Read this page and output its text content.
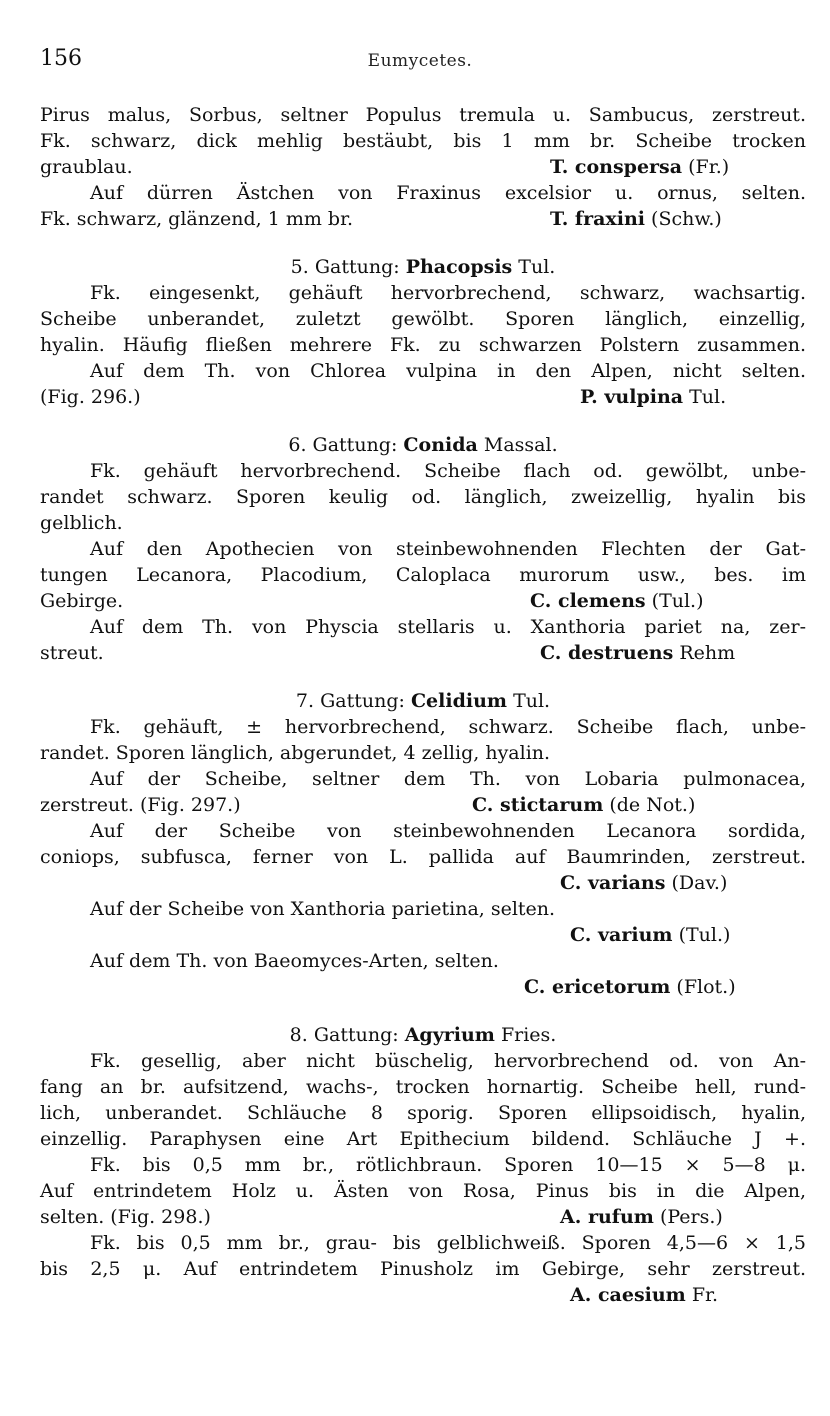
156	Eumycetes.
Pirus malus, Sorbus, seltner Populus tremula u. Sambucus, zerstreut.
Fk. schwarz, dick mehlig bestäubt, bis 1 mm br. Scheibe trocken
graublau.	T. conspersa (Fr.)
Auf dürren Ästchen von Fraxinus excelsior u. ornus, selten.
Fk. schwarz, glänzend, 1 mm br.	T. fraxini (Schw.)
5. Gattung: Phacopsis Tul.
Fk. eingesenkt, gehäuft hervorbrechend, schwarz, wachsartig.
Scheibe unberandet, zuletzt gewölbt. Sporen länglich, einzellig,
hyalin. Häufig fließen mehrere Fk. zu schwarzen Polstern zusammen.
Auf dem Th. von Chlorea vulpina in den Alpen, nicht selten.
(Fig. 296.)	P. vulpina Tul.
6. Gattung: Conida Massal.
Fk. gehäuft hervorbrechend. Scheibe flach od. gewölbt, unbe-
randet schwarz. Sporen keulig od. länglich, zweizellig, hyalin bis
gelblich.
Auf den Apothecien von steinbewohnenden Flechten der Gat-
tungen Lecanora, Placodium, Caloplaca murorum usw., bes. im
Gebirge.	C. clemens (Tul.)
Auf dem Th. von Physcia stellaris u. Xanthoria pariet na, zer-
streut.	C. destruens Rehm
7. Gattung: Celidium Tul.
Fk. gehäuft, ± hervorbrechend, schwarz. Scheibe flach, unbe-
randet. Sporen länglich, abgerundet, 4 zellig, hyalin.
Auf der Scheibe, seltner dem Th. von Lobaria pulmonacea,
zerstreut. (Fig. 297.)	C. stictarum (de Not.)
Auf der Scheibe von steinbewohnenden Lecanora sordida,
coniops, subfusca, ferner von L. pallida auf Baumrinden, zerstreut.
C. varians (Dav.)
Auf der Scheibe von Xanthoria parietina, selten.
C. varium (Tul.)
Auf dem Th. von Baeomyces-Arten, selten.
C. ericetorum (Flot.)
8. Gattung: Agyrium Fries.
Fk. gesellig, aber nicht büschelig, hervorbrechend od. von An-
fang an br. aufsitzend, wachs-, trocken hornartig. Scheibe hell, rund-
lich, unberandet. Schläuche 8 sporig. Sporen ellipsoidisch, hyalin,
einzellig. Paraphysen eine Art Epithecium bildend. Schläuche J +.
Fk. bis 0,5 mm br., rötlichbraun. Sporen 10—15 × 5—8 μ.
Auf entrindetem Holz u. Ästen von Rosa, Pinus bis in die Alpen,
selten. (Fig. 298.)	A. rufum (Pers.)
Fk. bis 0,5 mm br., grau- bis gelblichweiß. Sporen 4,5—6 × 1,5
bis 2,5 μ. Auf entrindetem Pinusholz im Gebirge, sehr zerstreut.
A. caesium Fr.
